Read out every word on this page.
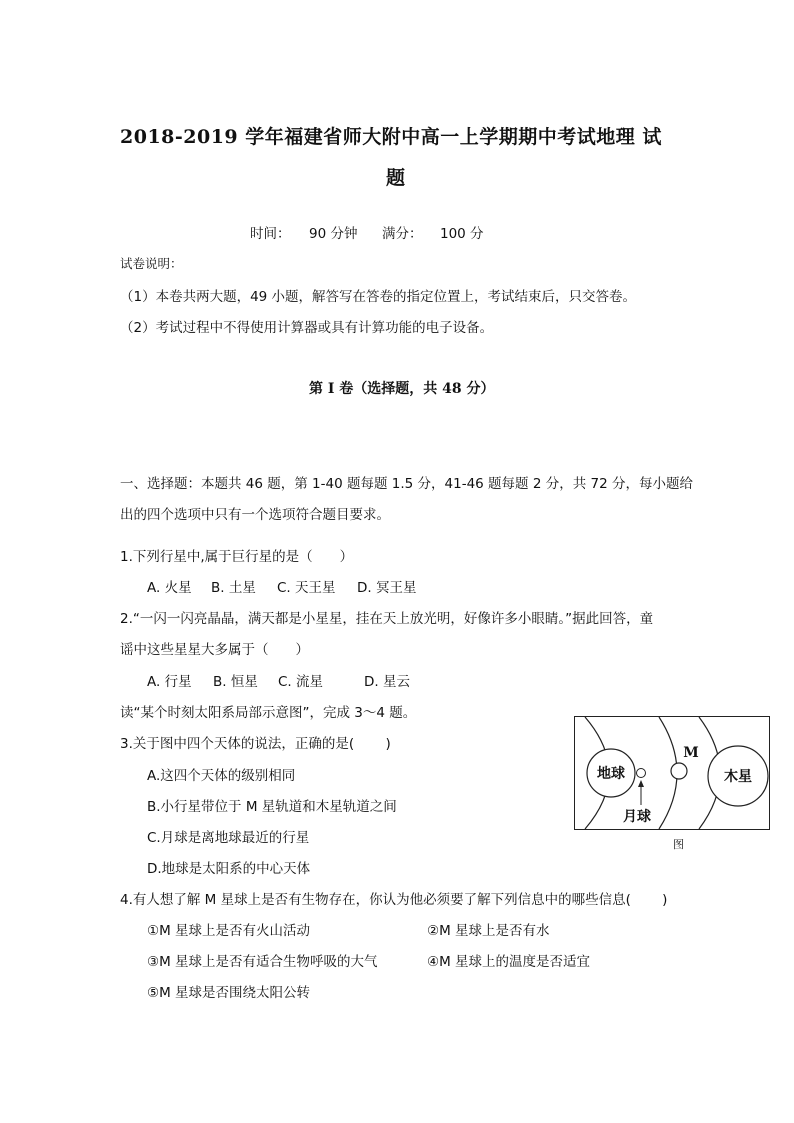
2018-2019 学年福建省师大附中高一上学期期中考试地理 试
题
时间： 90 分钟 满分： 100 分
试卷说明：
（1）本卷共两大题，49 小题，解答写在答卷的指定位置上，考试结束后，只交答卷。
（2）考试过程中不得使用计算器或具有计算功能的电子设备。
第 I 卷（选择题，共 48 分）
一、选择题：本题共 46 题，第 1-40 题每题 1.5 分，41-46 题每题 2 分，共 72 分，每小题给
出的四个选项中只有一个选项符合题目要求。
1.下列行星中,属于巨行星的是（　　）
A. 火星 B. 土星 C. 天王星 D. 冥王星
2.“一闪一闪亮晶晶，满天都是小星星，挂在天上放光明，好像许多小眼睛。”据此回答，童
谣中这些星星大多属于（　　）
A. 行星 B. 恒星 C. 流星	D. 星云
读“某个时刻太阳系局部示意图”，完成 3～4 题。
3.关于图中四个天体的说法，正确的是(　　 )
A.这四个天体的级别相同
B.小行星带位于 M 星轨道和木星轨道之间
C.月球是离地球最近的行星
D.地球是太阳系的中心天体
地球
月球
M
木星
图
4.有人想了解 M 星球上是否有生物存在，你认为他必须要了解下列信息中的哪些信息(　　 )
①M 星球上是否有火山活动	②M 星球上是否有水
③M 星球上是否有适合生物呼吸的大气	④M 星球上的温度是否适宜
⑤M 星球是否围绕太阳公转
